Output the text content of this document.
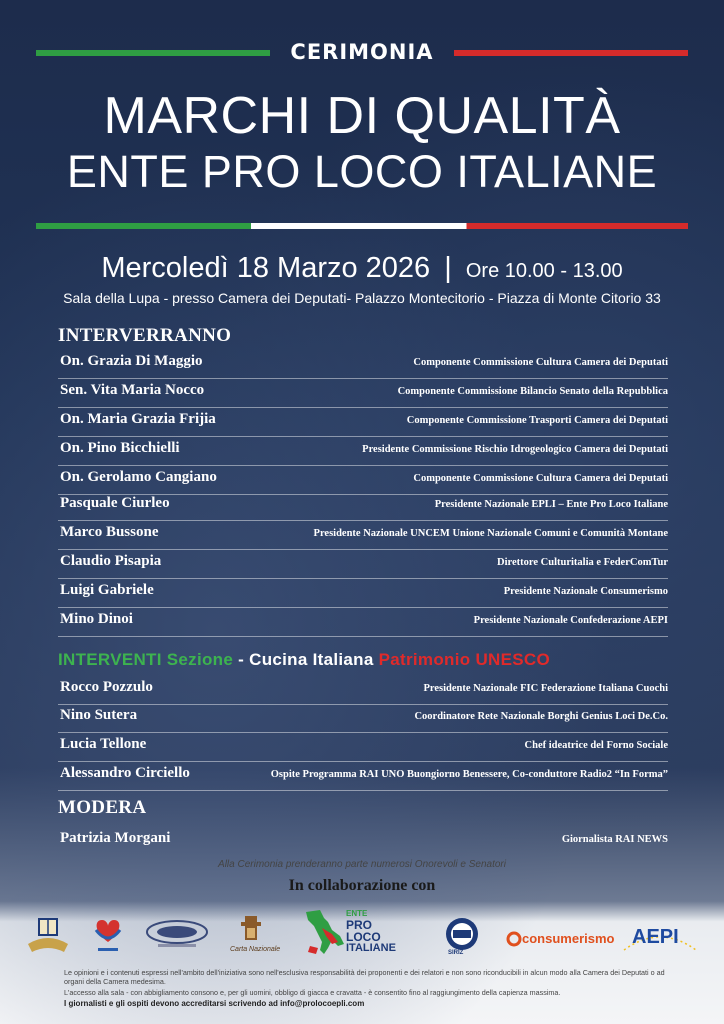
CERIMONIA
MARCHI DI QUALITÀ
ENTE PRO LOCO ITALIANE
Mercoledì 18 Marzo 2026 | Ore 10.00 - 13.00
Sala della Lupa - presso Camera dei Deputati- Palazzo Montecitorio - Piazza di Monte Citorio 33
INTERVERRANNO
On. Grazia Di Maggio	Componente Commissione Cultura Camera dei Deputati
Sen. Vita Maria Nocco	Componente Commissione Bilancio Senato della Repubblica
On. Maria Grazia Frijia	Componente Commissione Trasporti Camera dei Deputati
On. Pino Bicchielli	Presidente Commissione Rischio Idrogeologico Camera dei Deputati
On. Gerolamo Cangiano	Componente Commissione Cultura Camera dei Deputati
Pasquale Ciurleo	Presidente Nazionale EPLI – Ente Pro Loco Italiane
Marco Bussone	Presidente Nazionale UNCEM Unione Nazionale Comuni e Comunità Montane
Claudio Pisapia	Direttore Culturitalia e FederComTur
Luigi Gabriele	Presidente Nazionale Consumerismo
Mino Dinoi	Presidente Nazionale Confederazione AEPI
INTERVENTI Sezione - Cucina Italiana Patrimonio UNESCO
Rocco Pozzulo	Presidente Nazionale FIC Federazione Italiana Cuochi
Nino Sutera	Coordinatore Rete Nazionale Borghi Genius Loci De.Co.
Lucia Tellone	Chef ideatrice del Forno Sociale
Alessandro Circiello	Ospite Programma RAI UNO Buongiorno Benessere, Co-conduttore Radio2 “In Forma”
MODERA
Patrizia Morgani	Giornalista RAI NEWS
Alla Cerimonia prenderanno parte numerosi Onorevoli e Senatori
In collaborazione con
Carta Nazionale
ENTE
PRO
LOCO
ITALIANE	SIRIZ
consumerismo AEPI

Le opinioni e i contenuti espressi nell'ambito dell'iniziativa sono nell'esclusiva responsabilità dei proponenti e dei relatori e non sono riconducibili in alcun modo alla Camera dei Deputati o ad organi della Camera medesima.

L'accesso alla sala - con abbigliamento consono e, per gli uomini, obbligo di giacca e cravatta - è consentito fino al raggiungimento della capienza massima.

I giornalisti e gli ospiti devono accreditarsi scrivendo ad info@prolocoepli.com
